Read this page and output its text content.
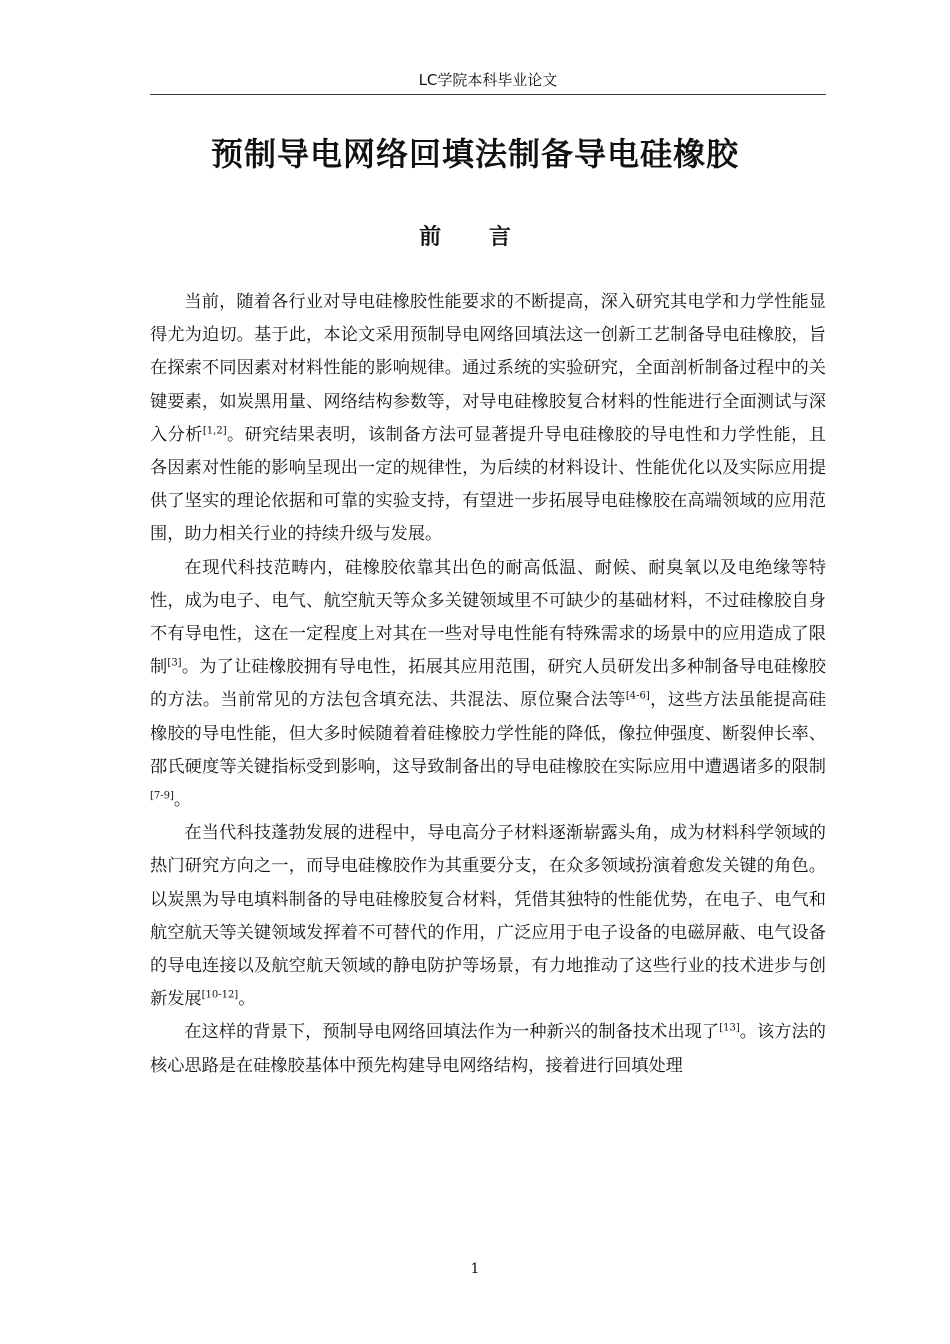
LC学院本科毕业论文
预制导电网络回填法制备导电硅橡胶
前 言

当前，随着各行业对导电硅橡胶性能要求的不断提高，深入研究其电学和力学性能显得尤为迫切。基于此，本论文采用预制导电网络回填法这一创新工艺制备导电硅橡胶，旨在探索不同因素对材料性能的影响规律。通过系统的实验研究，全面剖析制备过程中的关键要素，如炭黑用量、网络结构参数等，对导电硅橡胶复合材料的性能进行全面测试与深入分析[1,2]。研究结果表明，该制备方法可显著提升导电硅橡胶的导电性和力学性能，且各因素对性能的影响呈现出一定的规律性，为后续的材料设计、性能优化以及实际应用提供了坚实的理论依据和可靠的实验支持，有望进一步拓展导电硅橡胶在高端领域的应用范围，助力相关行业的持续升级与发展。

在现代科技范畴内，硅橡胶依靠其出色的耐高低温、耐候、耐臭氧以及电绝缘等特性，成为电子、电气、航空航天等众多关键领域里不可缺少的基础材料，不过硅橡胶自身不有导电性，这在一定程度上对其在一些对导电性能有特殊需求的场景中的应用造成了限制[3]。为了让硅橡胶拥有导电性，拓展其应用范围，研究人员研发出多种制备导电硅橡胶的方法。当前常见的方法包含填充法、共混法、原位聚合法等[4-6]，这些方法虽能提高硅橡胶的导电性能，但大多时候随着着硅橡胶力学性能的降低，像拉伸强度、断裂伸长率、邵氏硬度等关键指标受到影响，这导致制备出的导电硅橡胶在实际应用中遭遇诸多的限制[7-9]。

在当代科技蓬勃发展的进程中，导电高分子材料逐渐崭露头角，成为材料科学领域的热门研究方向之一，而导电硅橡胶作为其重要分支，在众多领域扮演着愈发关键的角色。以炭黑为导电填料制备的导电硅橡胶复合材料，凭借其独特的性能优势，在电子、电气和航空航天等关键领域发挥着不可替代的作用，广泛应用于电子设备的电磁屏蔽、电气设备的导电连接以及航空航天领域的静电防护等场景，有力地推动了这些行业的技术进步与创新发展[10-12]。

在这样的背景下，预制导电网络回填法作为一种新兴的制备技术出现了[13]。该方法的核心思路是在硅橡胶基体中预先构建导电网络结构，接着进行回填处理

1
